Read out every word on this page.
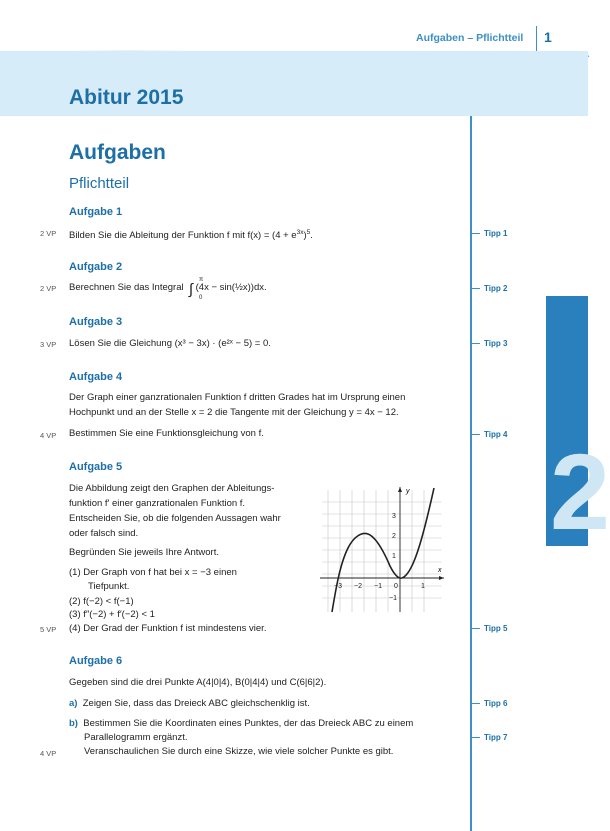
Aufgaben – Pflichtteil 1
Abitur 2015
2
Aufgaben
Pflichtteil
Aufgabe 1
2 VP Bilden Sie die Ableitung der Funktion f mit $f(x) = (4 + e^{3x})^5$.	Tipp 1
Aufgabe 2
2 VP Berechnen Sie das Integral ∫
π
0
(4x − sin(½x))dx.	Tipp 2
Aufgabe 3
3 VP Lösen Sie die Gleichung (x³ − 3x) · (e²ˣ − 5) = 0.	Tipp 3
Aufgabe 4
Der Graph einer ganzrationalen Funktion f dritten Grades hat im Ursprung einen
Hochpunkt und an der Stelle x = 2 die Tangente mit der Gleichung y = 4x − 12.
4 VP Bestimmen Sie eine Funktionsgleichung von f.	Tipp 4
Aufgabe 5
Die Abbildung zeigt den Graphen der Ableitungs-
funktion f′ einer ganzrationalen Funktion f.
Entscheiden Sie, ob die folgenden Aussagen wahr
oder falsch sind.
Begründen Sie jeweils Ihre Antwort.
(1) Der Graph von f hat bei x = −3 einen
Tiefpunkt.
(2) f(−2) < f(−1)
(3) f″(−2) + f′(−2) < 1
5 VP (4) Der Grad der Funktion f ist mindestens vier.	Tipp 5
y
x
−3 −2 −1	1
3
2
1
−1
0
Aufgabe 6
Gegeben sind die drei Punkte A(4|0|4), B(0|4|4) und C(6|6|2).
a) Zeigen Sie, dass das Dreieck ABC gleichschenklig ist.	Tipp 6
b) Bestimmen Sie die Koordinaten eines Punktes, der das Dreieck ABC zu einem
Parallelogramm ergänzt.	Tipp 7
4 VP	Veranschaulichen Sie durch eine Skizze, wie viele solcher Punkte es gibt.
